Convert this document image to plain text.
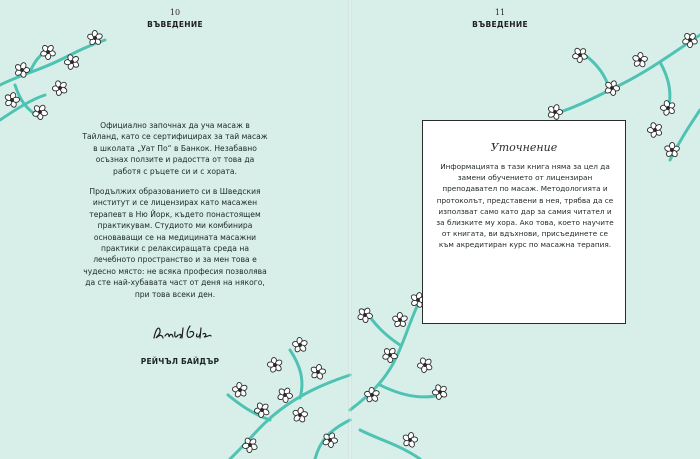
10
ВЪВЕДЕНИЕ

Официално започнах да уча масаж в Тайланд, като се сертифицирах за тай масаж в школата „Уат По“ в Банкок. Незабавно осъзнах ползите и радостта от това да работя с ръцете си и с хората.

Продължих образованието си в Шведския институт и се лицензирах като масажен терапевт в Ню Йорк, където понастоящем практикувам. Студиото ми комбинира основаващи се на медицината масажни практики с релаксиращата среда на лечебното пространство и за мен това е чудесно място: не всяка професия позволява да сте най-хубавата част от деня на някого, при това всеки ден.

РЕЙЧЪЛ БАЙДЪР
11
ВЪВЕДЕНИЕ
Уточнение
Информацията в тази книга няма за цел да замени обучението от лицензиран преподавател по масаж. Методологията и протоколът, представени в нея, трябва да се използват само като дар за самия читател и за близките му хора. Ако това, което научите от книгата, ви вдъхнови, присъединете се към акредитиран курс по масажна терапия.
